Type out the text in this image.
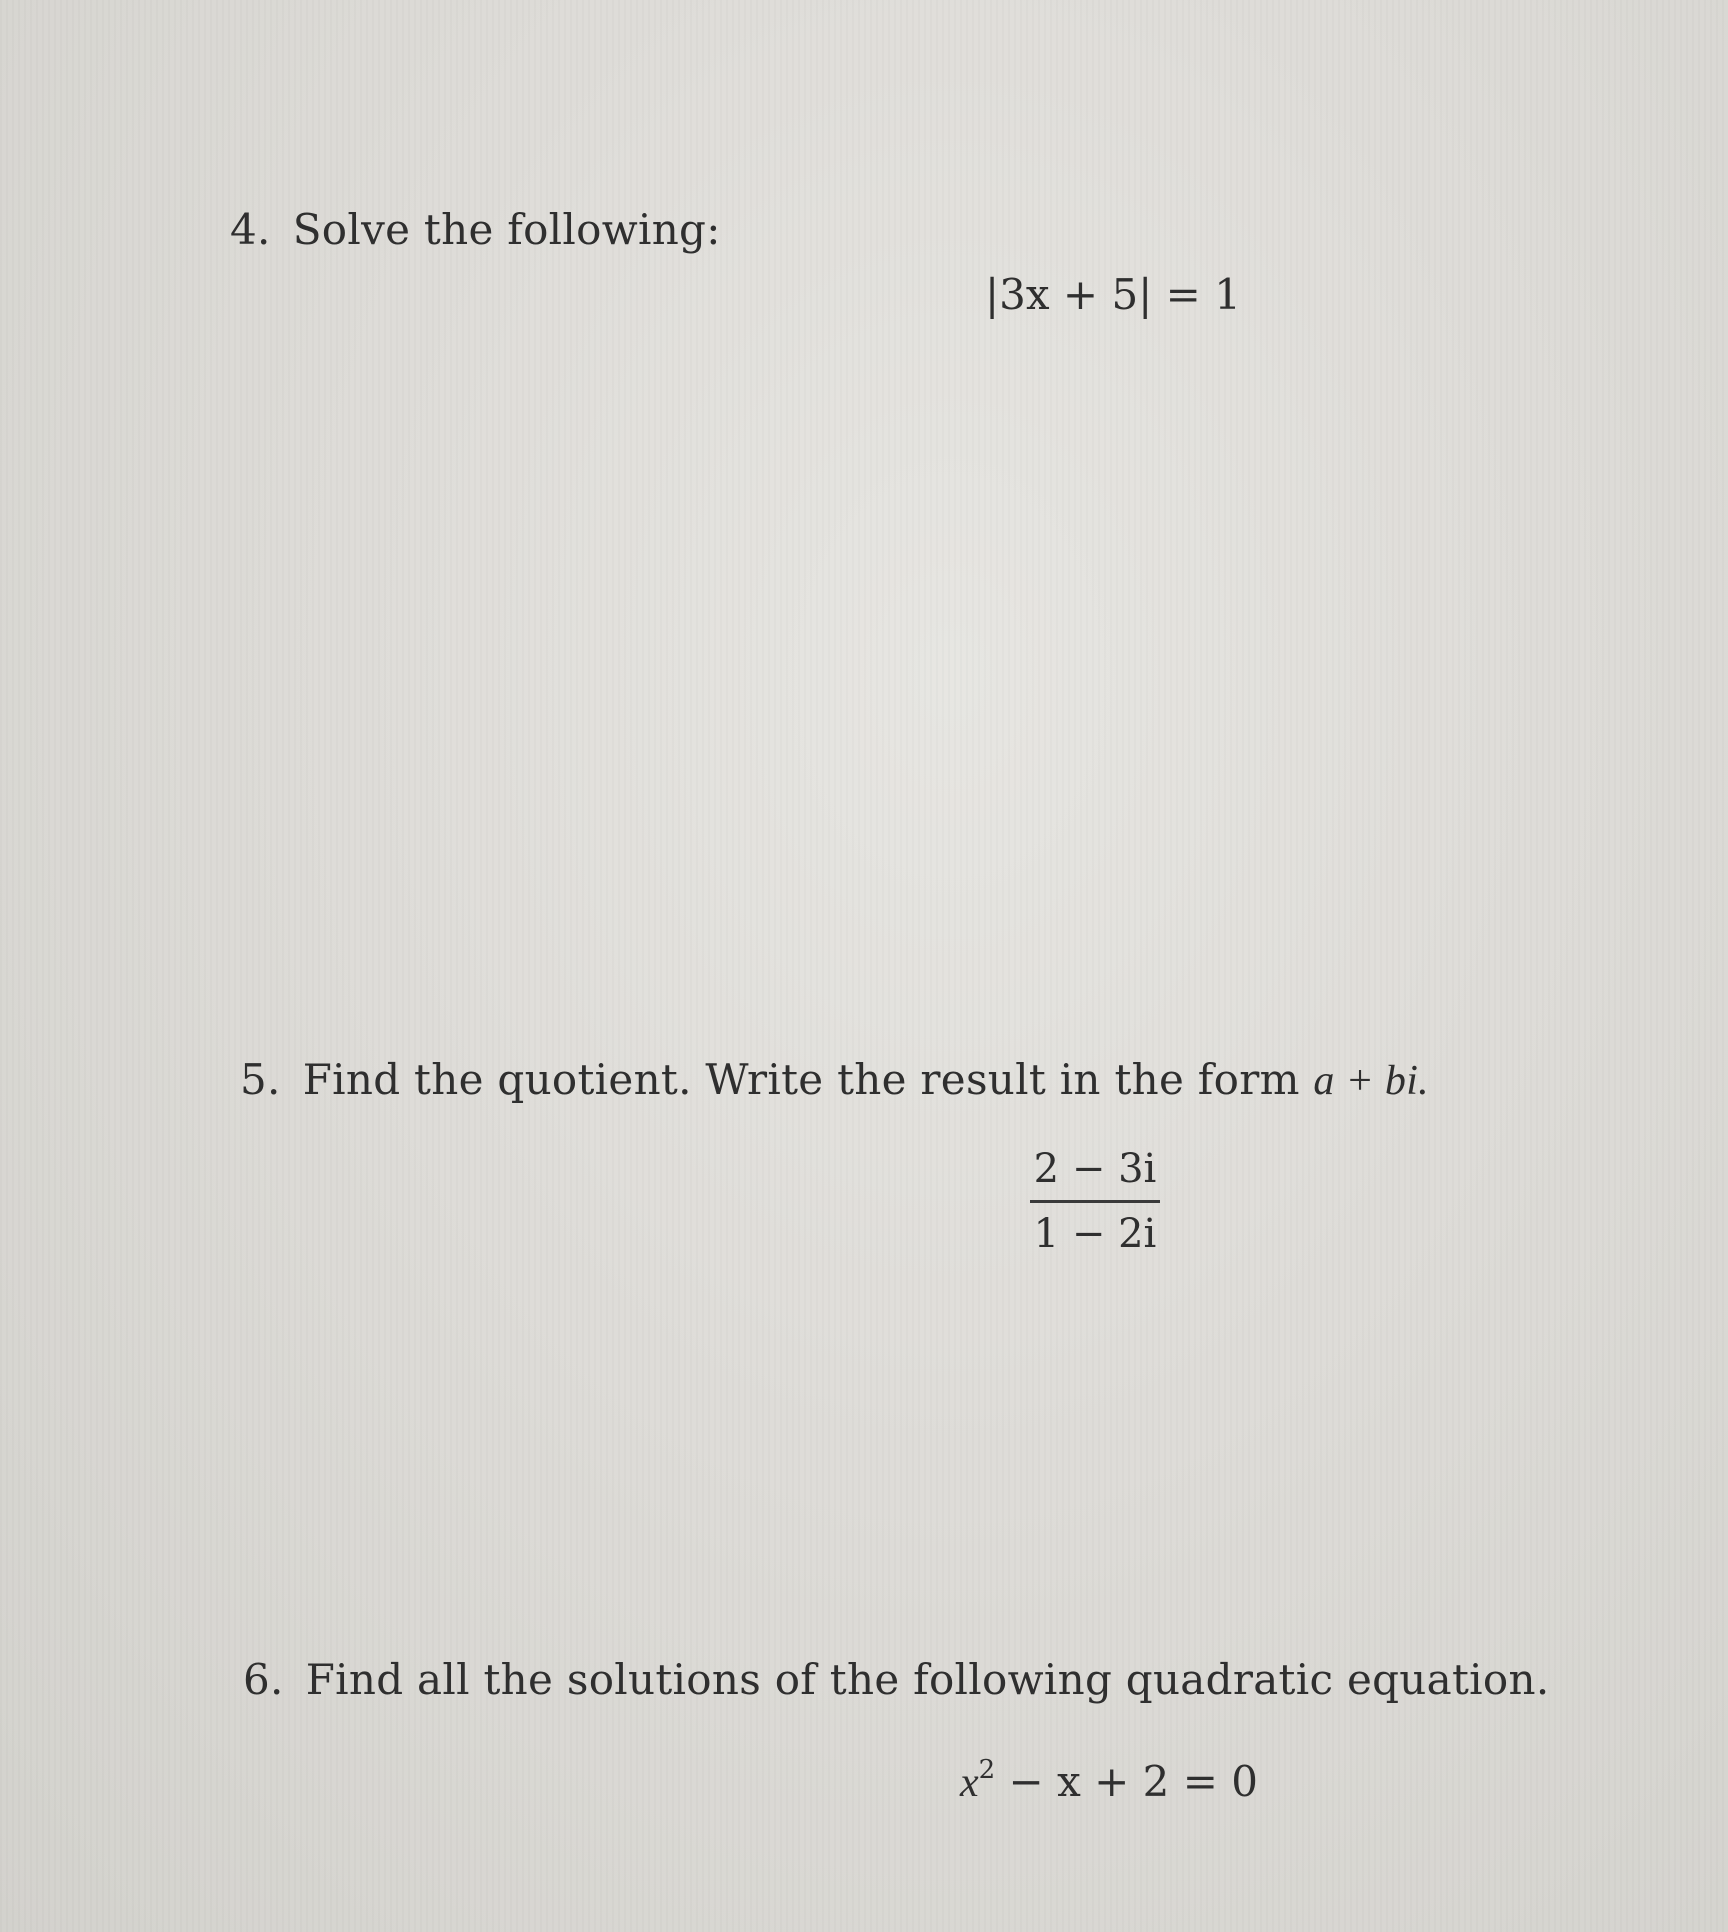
4. Solve the following:
|3x + 5| = 1
5. Find the quotient. Write the result in the form a + bi.
2 − 3i
1 − 2i
6. Find all the solutions of the following quadratic equation.
$x^2 - x + 2 = 0$
